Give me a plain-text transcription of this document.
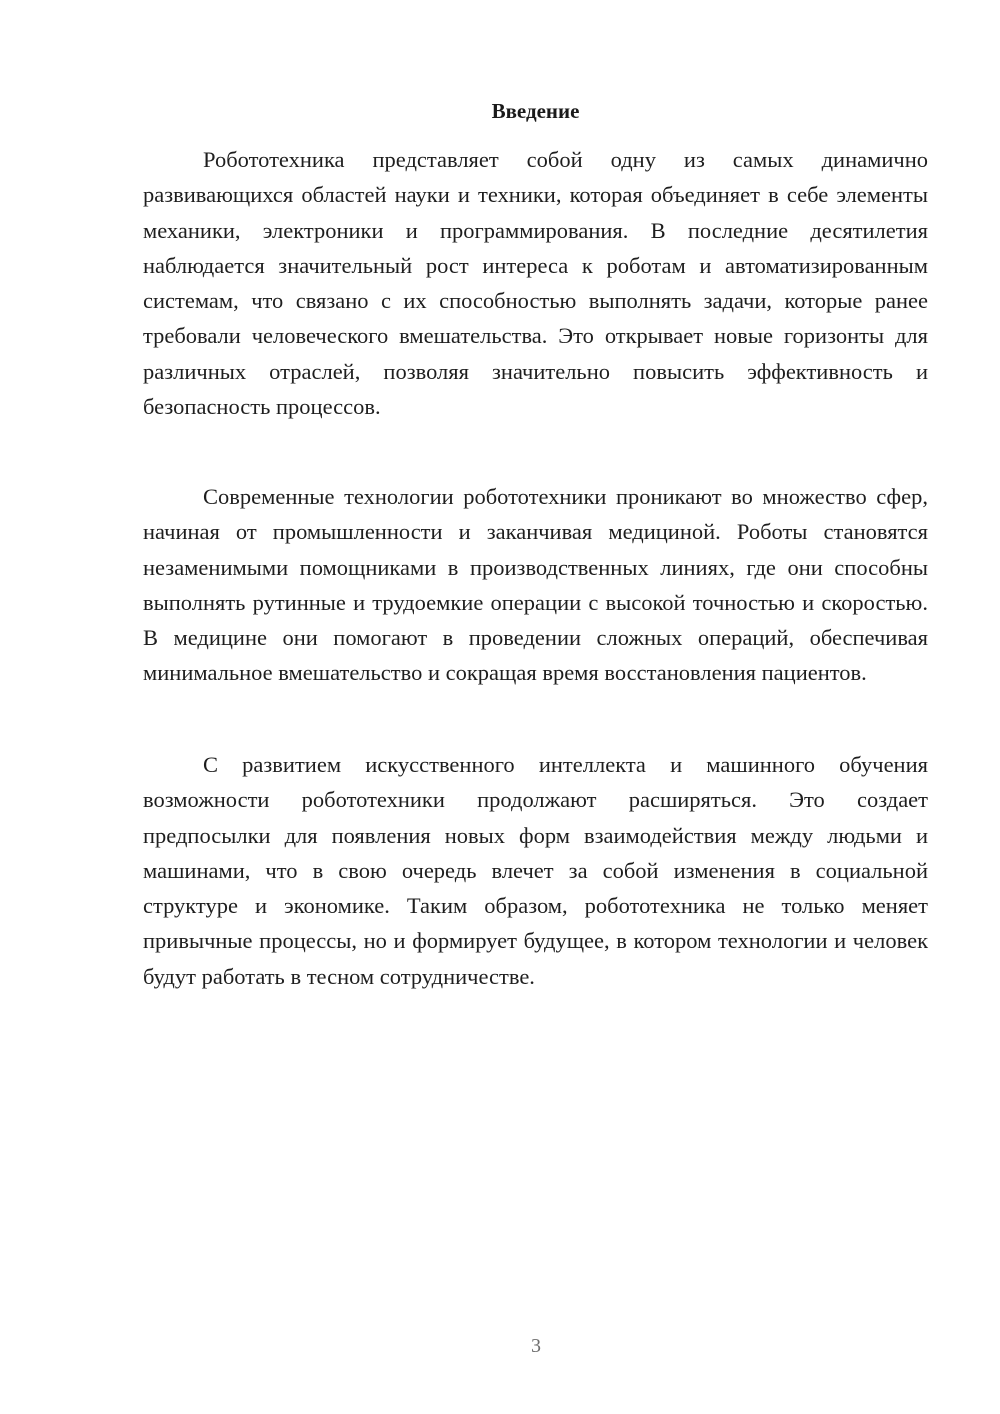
Введение

Робототехника представляет собой одну из самых динамично развивающихся областей науки и техники, которая объединяет в себе элементы механики, электроники и программирования. В последние десятилетия наблюдается значительный рост интереса к роботам и автоматизированным системам, что связано с их способностью выполнять задачи, которые ранее требовали человеческого вмешательства. Это открывает новые горизонты для различных отраслей, позволяя значительно повысить эффективность и безопасность процессов.

Современные технологии робототехники проникают во множество сфер, начиная от промышленности и заканчивая медициной. Роботы становятся незаменимыми помощниками в производственных линиях, где они способны выполнять рутинные и трудоемкие операции с высокой точностью и скоростью. В медицине они помогают в проведении сложных операций, обеспечивая минимальное вмешательство и сокращая время восстановления пациентов.

С развитием искусственного интеллекта и машинного обучения возможности робототехники продолжают расширяться. Это создает предпосылки для появления новых форм взаимодействия между людьми и машинами, что в свою очередь влечет за собой изменения в социальной структуре и экономике. Таким образом, робототехника не только меняет привычные процессы, но и формирует будущее, в котором технологии и человек будут работать в тесном сотрудничестве.

3
